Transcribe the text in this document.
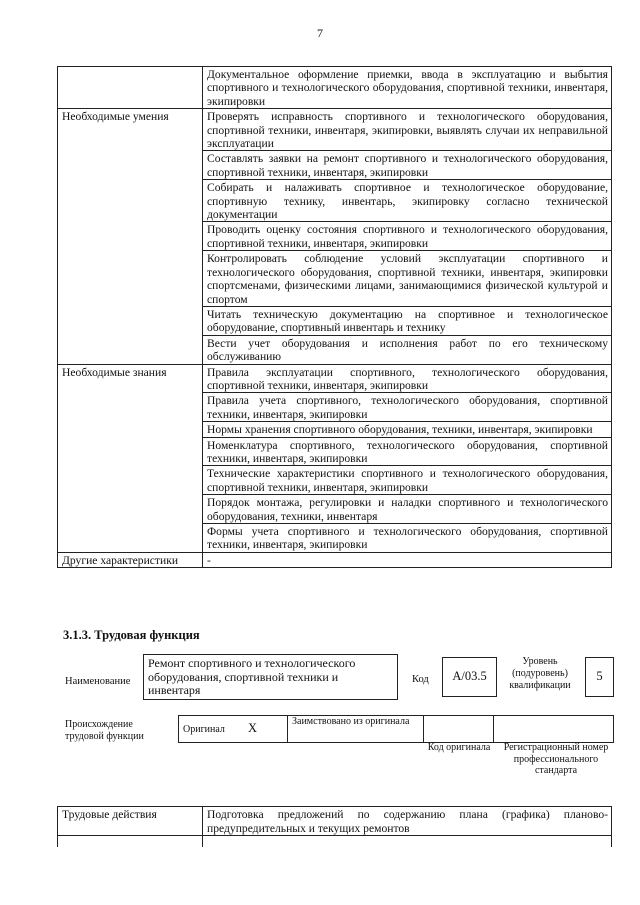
7
	Документальное оформление приемки, ввода в эксплуатацию и выбытия спортивного и технологического оборудования, спортивной техники, инвентаря, экипировки
Необходимые умения	Проверять исправность спортивного и технологического оборудования, спортивной техники, инвентаря, экипировки, выявлять случаи их неправильной эксплуатации
	Составлять заявки на ремонт спортивного и технологического оборудования, спортивной техники, инвентаря, экипировки
	Собирать и налаживать спортивное и технологическое оборудование, спортивную технику, инвентарь, экипировку согласно технической документации
	Проводить оценку состояния спортивного и технологического оборудования, спортивной техники, инвентаря, экипировки
	Контролировать соблюдение условий эксплуатации спортивного и технологического оборудования, спортивной техники, инвентаря, экипировки спортсменами, физическими лицами, занимающимися физической культурой и спортом
	Читать техническую документацию на спортивное и технологическое оборудование, спортивный инвентарь и технику
	Вести учет оборудования и исполнения работ по его техническому обслуживанию
Необходимые знания	Правила эксплуатации спортивного, технологического оборудования, спортивной техники, инвентаря, экипировки
	Правила учета спортивного, технологического оборудования, спортивной техники, инвентаря, экипировки
	Нормы хранения спортивного оборудования, техники, инвентаря, экипировки
	Номенклатура спортивного, технологического оборудования, спортивной техники, инвентаря, экипировки
	Технические характеристики спортивного и технологического оборудования, спортивной техники, инвентаря, экипировки
	Порядок монтажа, регулировки и наладки спортивного и технологического оборудования, техники, инвентаря
	Формы учета спортивного и технологического оборудования, спортивной техники, инвентаря, экипировки
Другие характеристики	-
3.1.3. Трудовая функция
Наименование
Ремонт спортивного и технологического оборудования, спортивной техники и инвентаря
Код	А/03.5
Уровень (подуровень) квалификации
5
Происхождение трудовой функции
Оригинал X	Заимствовано из оригинала
Код оригинала	Регистрационный номер профессионального стандарта
Трудовые действия	Подготовка предложений по содержанию плана (графика) планово-предупредительных и текущих ремонтов
